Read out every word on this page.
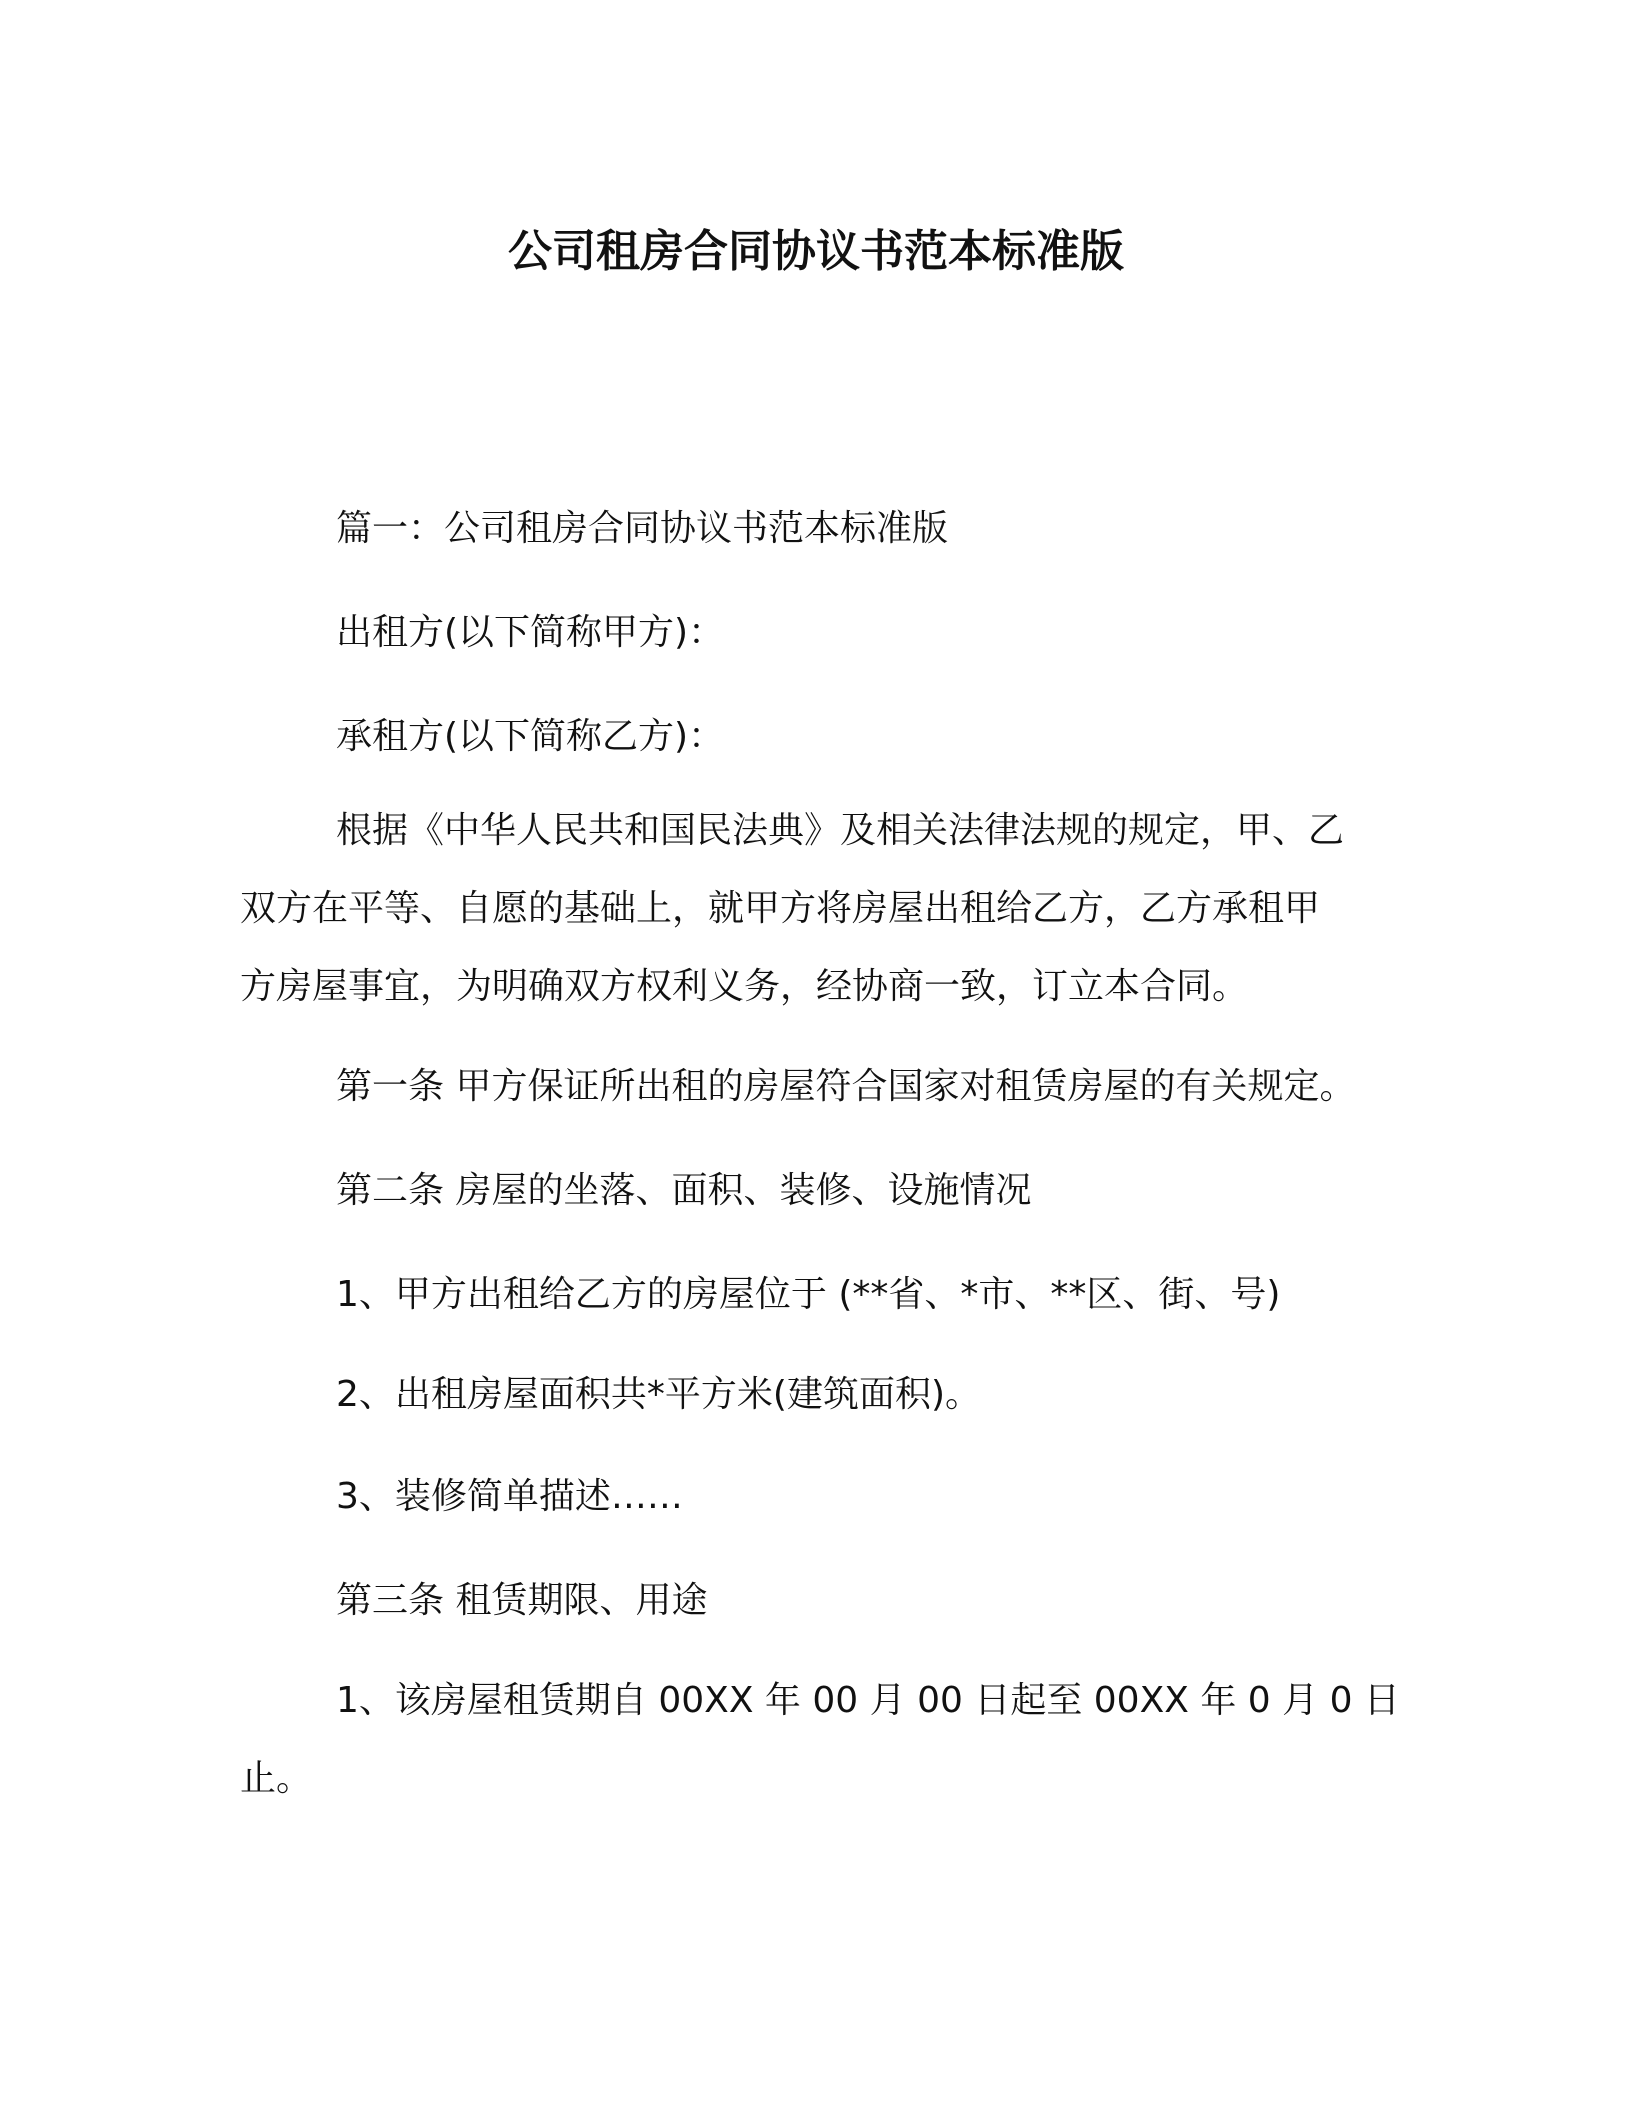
公司租房合同协议书范本标准版
篇一：公司租房合同协议书范本标准版
出租方(以下简称甲方)：
承租方(以下简称乙方)：
根据《中华人民共和国民法典》及相关法律法规的规定，甲、乙
双方在平等、自愿的基础上，就甲方将房屋出租给乙方，乙方承租甲
方房屋事宜，为明确双方权利义务，经协商一致，订立本合同。
第一条 甲方保证所出租的房屋符合国家对租赁房屋的有关规定。
第二条 房屋的坐落、面积、装修、设施情况
1、甲方出租给乙方的房屋位于 (**省、*市、**区、街、号)
2、出租房屋面积共*平方米(建筑面积)。
3、装修简单描述……
第三条 租赁期限、用途
1、该房屋租赁期自 00XX 年 00 月 00 日起至 00XX 年 0 月 0 日
止。
